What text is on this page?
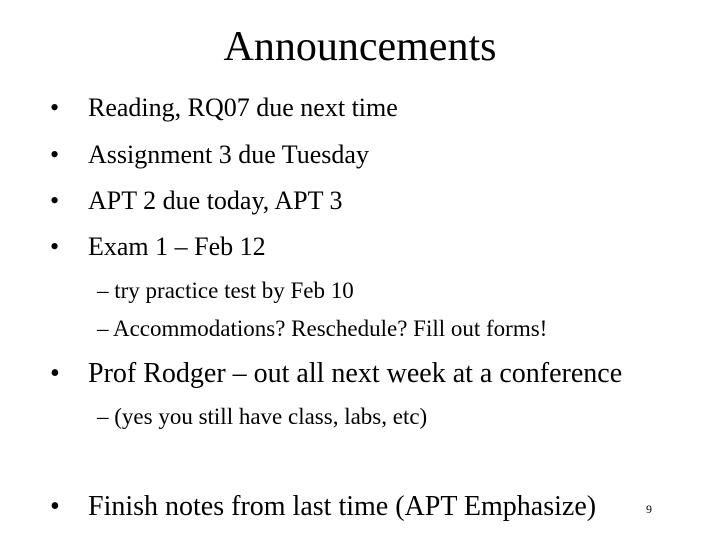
Announcements
• Reading, RQ07 due next time
• Assignment 3 due Tuesday
• APT 2 due today, APT 3
• Exam 1 – Feb 12
– try practice test by Feb 10
– Accommodations? Reschedule? Fill out forms!
• Prof Rodger – out all next week at a conference
– (yes you still have class, labs, etc)
• Finish notes from last time (APT Emphasize)	9
